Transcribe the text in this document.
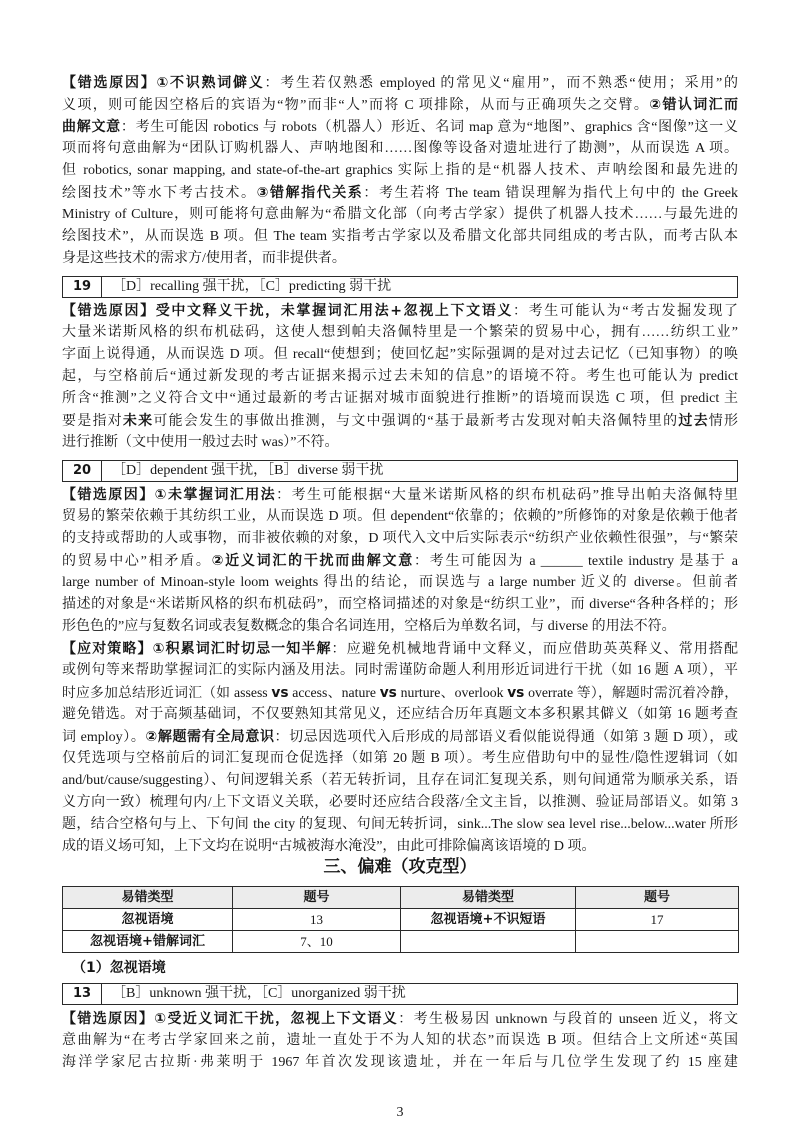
【错选原因】①不识熟词僻义：考生若仅熟悉 employed 的常见义“雇用”，而不熟悉“使用；采用”的
义项，则可能因空格后的宾语为“物”而非“人”而将 C 项排除，从而与正确项失之交臂。②错认词汇而
曲解文意：考生可能因 robotics 与 robots（机器人）形近、名词 map 意为“地图”、graphics 含“图像”这一义
项而将句意曲解为“团队订购机器人、声呐地图和……图像等设备对遗址进行了勘测”，从而误选 A 项。
但 robotics, sonar mapping, and state-of-the-art graphics 实际上指的是“机器人技术、声呐绘图和最先进的
绘图技术”等水下考古技术。③错解指代关系：考生若将 The team 错误理解为指代上句中的 the Greek
Ministry of Culture，则可能将句意曲解为“希腊文化部（向考古学家）提供了机器人技术……与最先进的
绘图技术”，从而误选 B 项。但 The team 实指考古学家以及希腊文化部共同组成的考古队，而考古队本
身是这些技术的需求方/使用者，而非提供者。
19	［D］recalling 强干扰，［C］predicting 弱干扰
【错选原因】受中文释义干扰，未掌握词汇用法+忽视上下文语义：考生可能认为“考古发掘发现了
大量米诺斯风格的织布机砝码，这使人想到帕夫洛佩特里是一个繁荣的贸易中心，拥有……纺织工业”
字面上说得通，从而误选 D 项。但 recall“使想到；使回忆起”实际强调的是对过去记忆（已知事物）的唤
起，与空格前后“通过新发现的考古证据来揭示过去未知的信息”的语境不符。考生也可能认为 predict
所含“推测”之义符合文中“通过最新的考古证据对城市面貌进行推断”的语境而误选 C 项，但 predict 主
要是指对未来可能会发生的事做出推测，与文中强调的“基于最新考古发现对帕夫洛佩特里的过去情形
进行推断（文中使用一般过去时 was）”不符。
20	［D］dependent 强干扰，［B］diverse 弱干扰
【错选原因】①未掌握词汇用法：考生可能根据“大量米诺斯风格的织布机砝码”推导出帕夫洛佩特里
贸易的繁荣依赖于其纺织工业，从而误选 D 项。但 dependent“依靠的；依赖的”所修饰的对象是依赖于他者
的支持或帮助的人或事物，而非被依赖的对象，D 项代入文中后实际表示“纺织产业依赖性很强”，与“繁荣
的贸易中心”相矛盾。②近义词汇的干扰而曲解文意：考生可能因为 a ______ textile industry 是基于 a
large number of Minoan-style loom weights 得出的结论，而误选与 a large number 近义的 diverse。但前者
描述的对象是“米诺斯风格的织布机砝码”，而空格词描述的对象是“纺织工业”，而 diverse“各种各样的；形
形色色的”应与复数名词或表复数概念的集合名词连用，空格后为单数名词，与 diverse 的用法不符。
【应对策略】①积累词汇时切忌一知半解：应避免机械地背诵中文释义，而应借助英英释义、常用搭配
或例句等来帮助掌握词汇的实际内涵及用法。同时需谨防命题人利用形近词进行干扰（如 16 题 A 项），平
时应多加总结形近词汇（如 assess vs access、nature vs nurture、overlook vs overrate 等），解题时需沉着冷静，
避免错选。对于高频基础词，不仅要熟知其常见义，还应结合历年真题文本多积累其僻义（如第 16 题考查
词 employ）。②解题需有全局意识：切忌因选项代入后形成的局部语义看似能说得通（如第 3 题 D 项），或
仅凭选项与空格前后的词汇复现而仓促选择（如第 20 题 B 项）。考生应借助句中的显性/隐性逻辑词（如
and/but/cause/suggesting）、句间逻辑关系（若无转折词，且存在词汇复现关系，则句间通常为顺承关系，语
义方向一致）梳理句内/上下文语义关联，必要时还应结合段落/全文主旨，以推测、验证局部语义。如第 3
题，结合空格句与上、下句间 the city 的复现、句间无转折词，sink...The slow sea level rise...below...water 所形
成的语义场可知，上下文均在说明“古城被海水淹没”，由此可排除偏离该语境的 D 项。
三、偏难（攻克型）
易错类型	题号	易错类型	题号
忽视语境	13	忽视语境+不识短语	17
忽视语境+错解词汇	7、10		
（1）忽视语境
13	［B］unknown 强干扰，［C］unorganized 弱干扰
【错选原因】①受近义词汇干扰，忽视上下文语义：考生极易因 unknown 与段首的 unseen 近义，将文
意曲解为“在考古学家回来之前，遗址一直处于不为人知的状态”而误选 B 项。但结合上文所述“英国
海洋学家尼古拉斯·弗莱明于 1967 年首次发现该遗址，并在一年后与几位学生发现了约 15 座建
3
